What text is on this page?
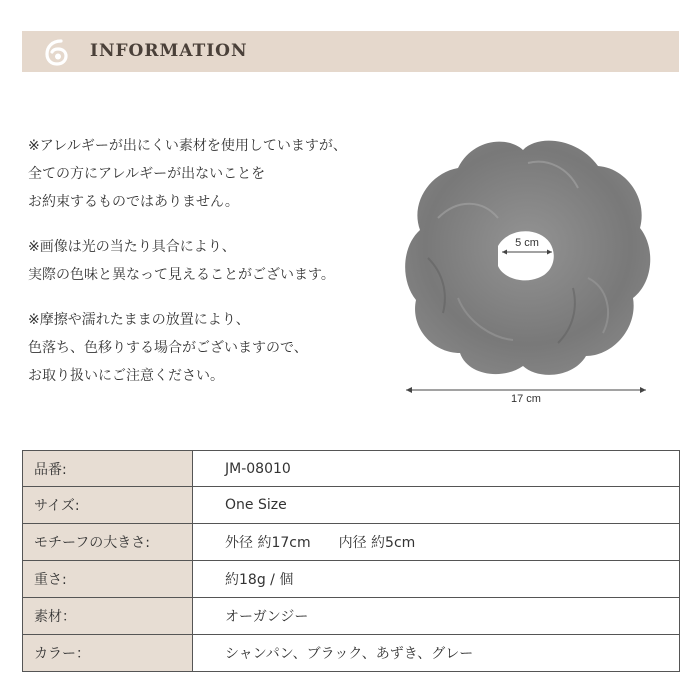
INFORMATION
※アレルギーが出にくい素材を使用していますが、
全ての方にアレルギーが出ないことを
お約束するものではありません。
※画像は光の当たり具合により、
実際の色味と異なって見えることがございます。
※摩擦や濡れたままの放置により、
色落ち、色移りする場合がございますので、
お取り扱いにご注意ください。
5 cm
17 cm
品番:	JM-08010
サイズ:	One Size
モチーフの大きさ:	外径 約17cm　　内径 約5cm
重さ:	約18g / 個
素材：	オーガンジー
カラー：	シャンパン、ブラック、あずき、グレー
